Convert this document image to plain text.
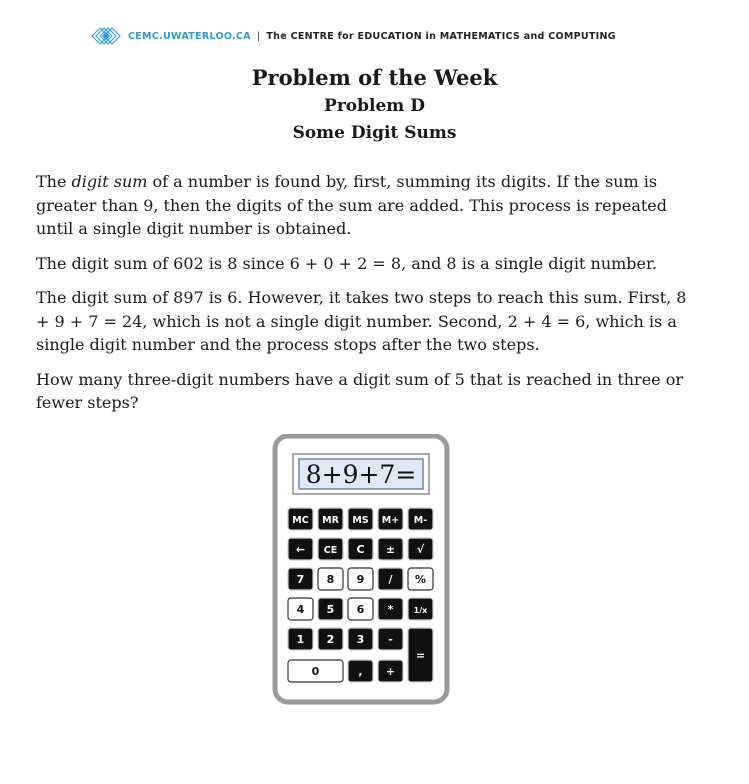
CEMC.UWATERLOO.CA | The CENTRE for EDUCATION in MATHEMATICS and COMPUTING
Problem of the Week
Problem D
Some Digit Sums

The digit sum of a number is found by, first, summing its digits. If the sum is greater than 9, then the digits of the sum are added. This process is repeated until a single digit number is obtained.

The digit sum of 602 is 8 since 6 + 0 + 2 = 8, and 8 is a single digit number.

The digit sum of 897 is 6. However, it takes two steps to reach this sum. First, 8 + 9 + 7 = 24, which is not a single digit number. Second, 2 + 4 = 6, which is a single digit number and the process stops after the two steps.

How many three-digit numbers have a digit sum of 5 that is reached in three or fewer steps?

8+9+7=
MC MR MS M+ M-
← CE C ± √
7 8 9 / %
4 5 6 *	1/x
1 2 3 -
0	, +
=
